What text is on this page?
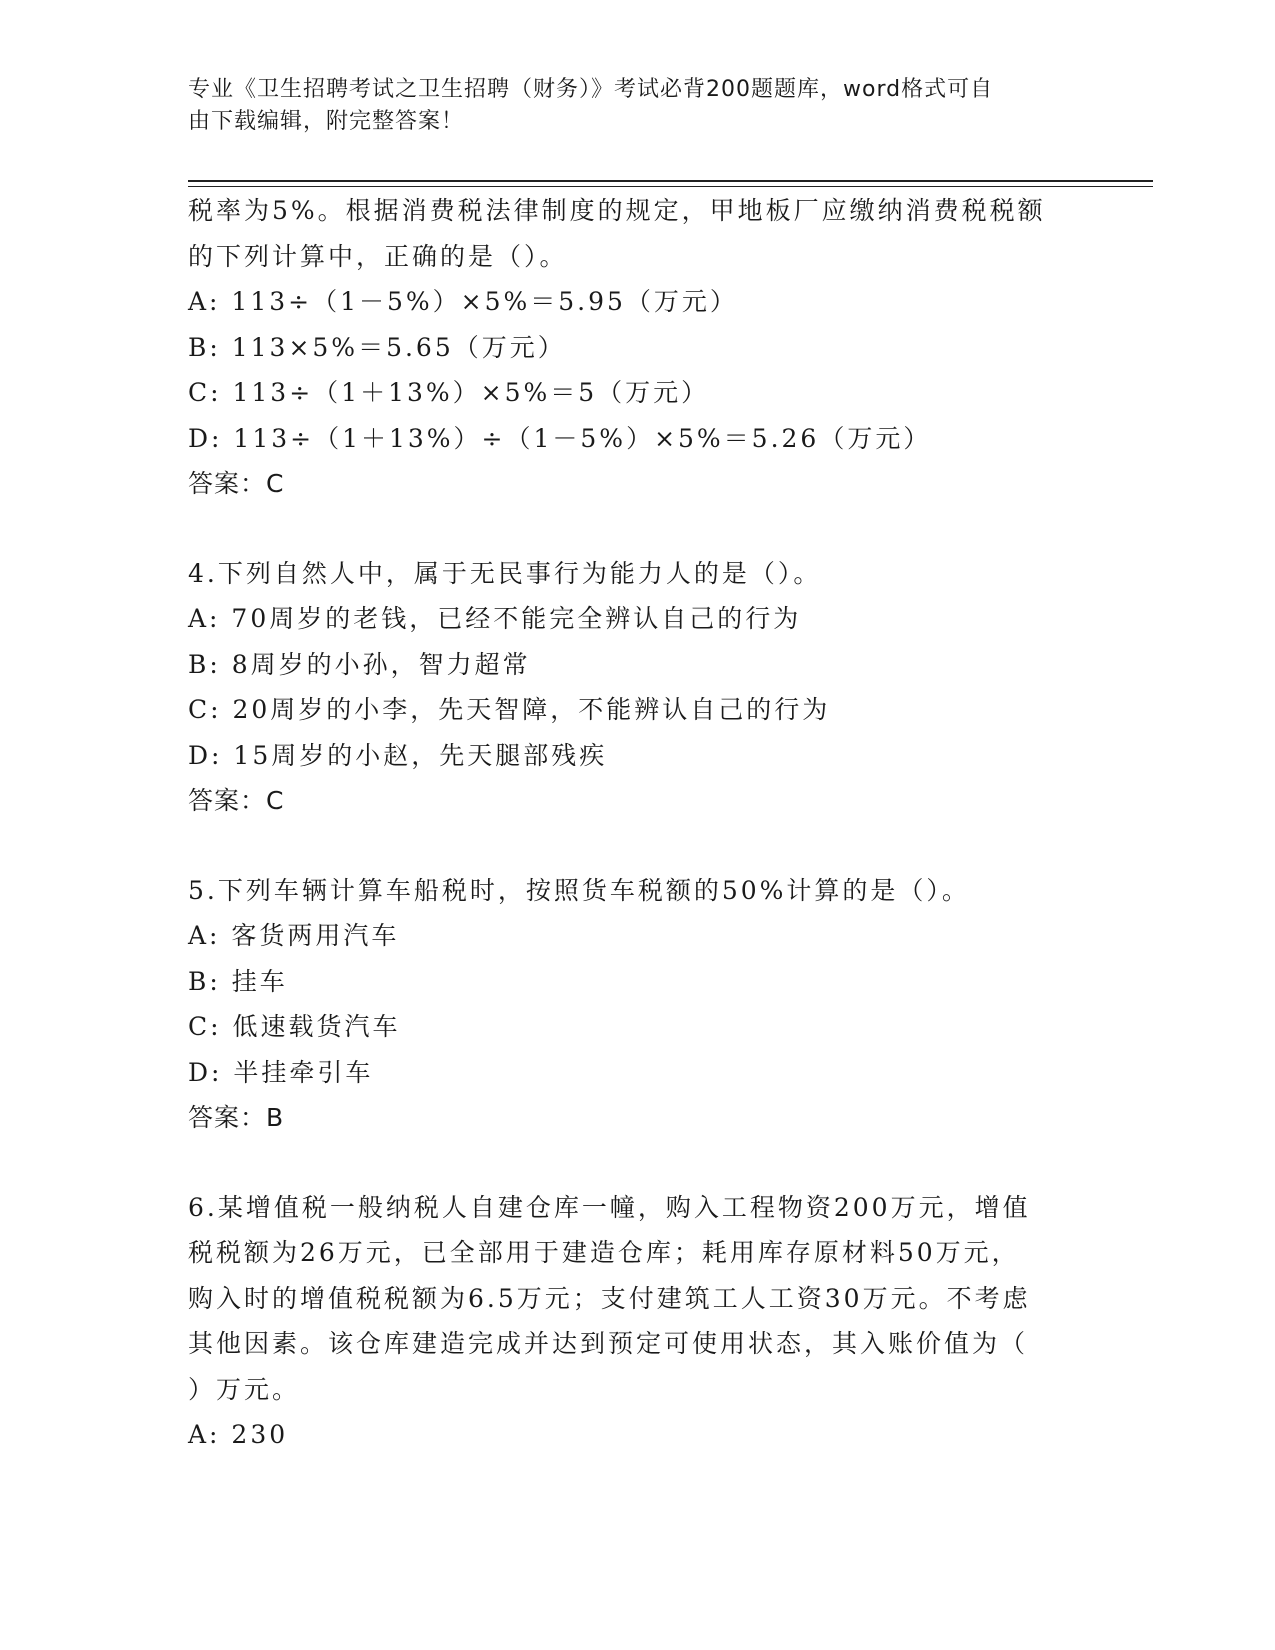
专业《卫生招聘考试之卫生招聘（财务）》考试必背200题题库，word格式可自
由下载编辑，附完整答案！
税率为5%。根据消费税法律制度的规定，甲地板厂应缴纳消费税税额
的下列计算中，正确的是（）。
A: 113÷（1－5%）×5%＝5.95（万元）
B: 113×5%＝5.65（万元）
C: 113÷（1＋13%）×5%＝5（万元）
D: 113÷（1＋13%）÷（1－5%）×5%＝5.26（万元）
答案：C
4.下列自然人中，属于无民事行为能力人的是（）。
A: 70周岁的老钱，已经不能完全辨认自己的行为
B: 8周岁的小孙，智力超常
C: 20周岁的小李，先天智障，不能辨认自己的行为
D: 15周岁的小赵，先天腿部残疾
答案：C
5.下列车辆计算车船税时，按照货车税额的50%计算的是（）。
A: 客货两用汽车
B: 挂车
C: 低速载货汽车
D: 半挂牵引车
答案：B
6.某增值税一般纳税人自建仓库一幢，购入工程物资200万元，增值
税税额为26万元，已全部用于建造仓库；耗用库存原材料50万元，
购入时的增值税税额为6.5万元；支付建筑工人工资30万元。不考虑
其他因素。该仓库建造完成并达到预定可使用状态，其入账价值为（
）万元。
A: 230
